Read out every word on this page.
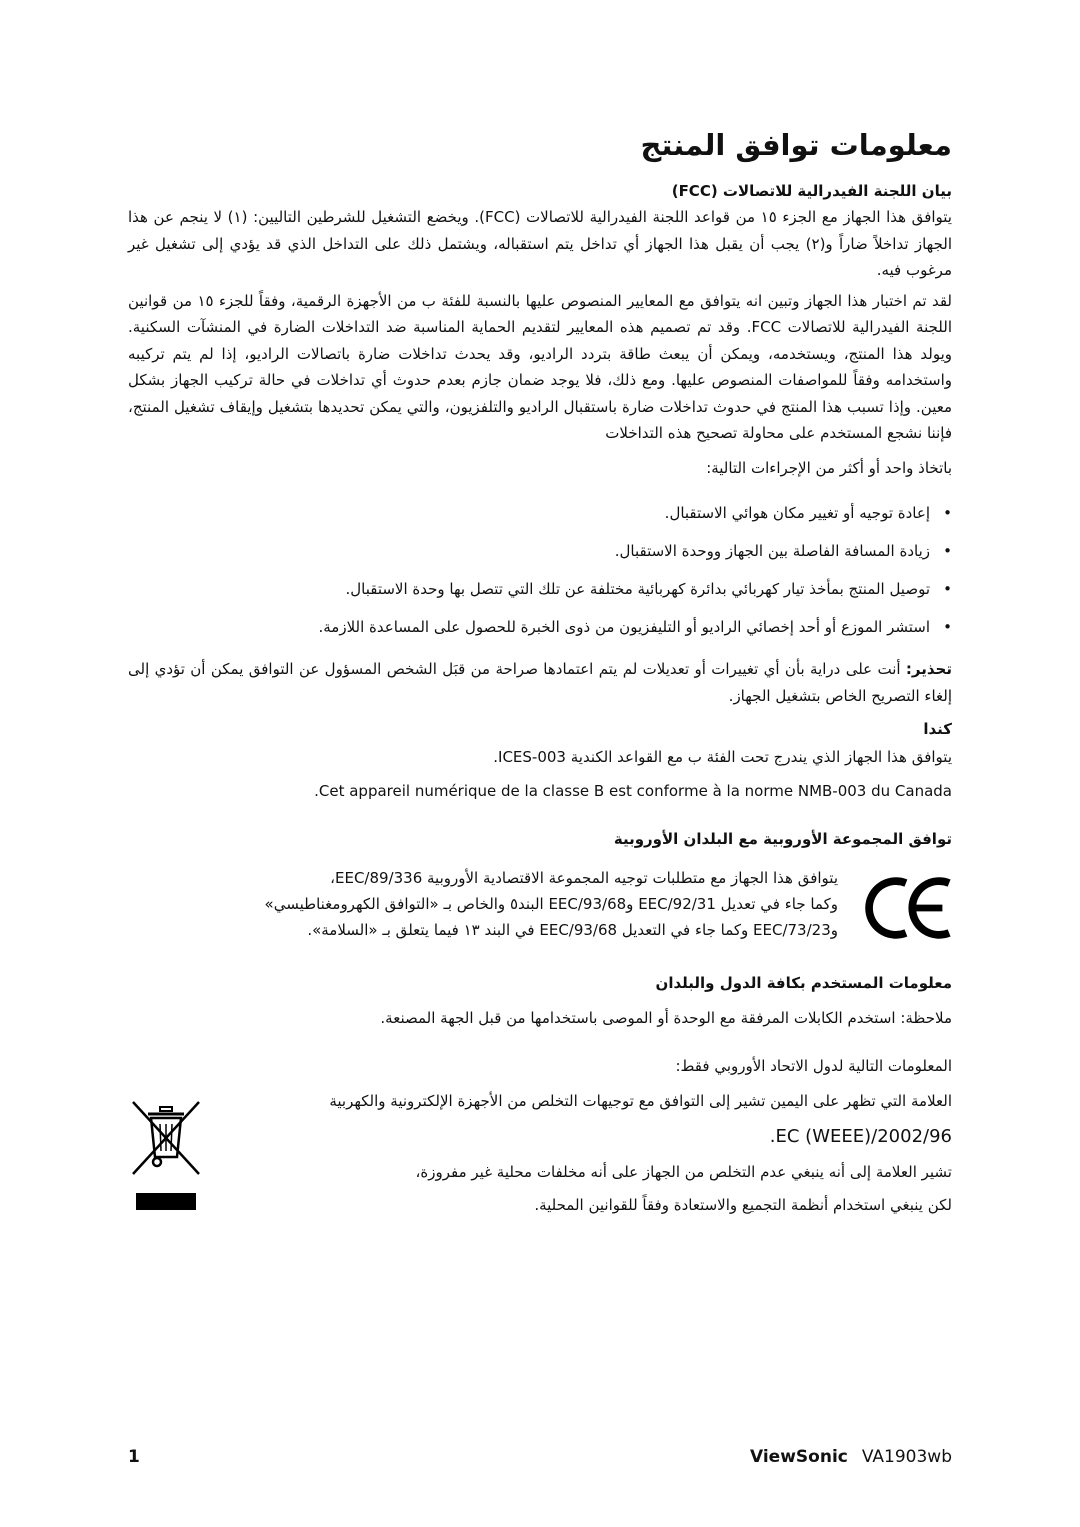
معلومات توافق المنتج
بيان اللجنة الفيدرالية للاتصالات (FCC)

يتوافق هذا الجهاز مع الجزء ١٥ من قواعد اللجنة الفيدرالية للاتصالات (FCC). ويخضع التشغيل للشرطين التاليين: (١) لا ينجم عن هذا الجهاز تداخلاً ضاراً و(٢) يجب أن يقبل هذا الجهاز أي تداخل يتم استقباله، ويشتمل ذلك على التداخل الذي قد يؤدي إلى تشغيل غير مرغوب فيه.

لقد تم اختبار هذا الجهاز وتبين انه يتوافق مع المعايير المنصوص عليها بالنسبة للفئة ب من الأجهزة الرقمية، وفقاً للجزء ١٥ من قوانين اللجنة الفيدرالية للاتصالات FCC. وقد تم تصميم هذه المعايير لتقديم الحماية المناسبة ضد التداخلات الضارة في المنشآت السكنية. ويولد هذا المنتج، ويستخدمه، ويمكن أن يبعث طاقة بتردد الراديو، وقد يحدث تداخلات ضارة باتصالات الراديو، إذا لم يتم تركيبه واستخدامه وفقاً للمواصفات المنصوص عليها. ومع ذلك، فلا يوجد ضمان جازم بعدم حدوث أي تداخلات في حالة تركيب الجهاز بشكل معين. وإذا تسبب هذا المنتج في حدوث تداخلات ضارة باستقبال الراديو والتلفزيون، والتي يمكن تحديدها بتشغيل وإيقاف تشغيل المنتج، فإننا نشجع المستخدم على محاولة تصحيح هذه التداخلات

باتخاذ واحد أو أكثر من الإجراءات التالية:

•
إعادة توجيه أو تغيير مكان هوائي الاستقبال.
•
زيادة المسافة الفاصلة بين الجهاز ووحدة الاستقبال.
•
توصيل المنتج بمأخذ تيار كهربائي بدائرة كهربائية مختلفة عن تلك التي تتصل بها وحدة الاستقبال.
•
استشر الموزع أو أحد إخصائي الراديو أو التليفزيون من ذوى الخبرة للحصول على المساعدة اللازمة.

تحذير: أنت على دراية بأن أي تغييرات أو تعديلات لم يتم اعتمادها صراحة من قبَل الشخص المسؤول عن التوافق يمكن أن تؤدي إلى إلغاء التصريح الخاص بتشغيل الجهاز.

كندا

يتوافق هذا الجهاز الذي يندرج تحت الفئة ب مع القواعد الكندية ICES-003.

Cet appareil numérique de la classe B est conforme à la norme NMB-003 du Canada.

توافق المجموعة الأوروبية مع البلدان الأوروبية

يتوافق هذا الجهاز مع متطلبات توجيه المجموعة الاقتصادية الأوروبية EEC/89/336،

وكما جاء في تعديل EEC/92/31 وEEC/93/68 البند٥ والخاص بـ «التوافق الكهرومغناطيسي»

وEEC/73/23 وكما جاء في التعديل EEC/93/68 في البند ١٣ فيما يتعلق بـ «السلامة».

معلومات المستخدم بكافة الدول والبلدان

ملاحظة: استخدم الكابلات المرفقة مع الوحدة أو الموصى باستخدامها من قبل الجهة المصنعة.

المعلومات التالية لدول الاتحاد الأوروبي فقط:

العلامة التي تظهر على اليمين تشير إلى التوافق مع توجيهات التخلص من الأجهزة الإلكترونية والكهربية

2002/96/EC (WEEE).

تشير العلامة إلى أنه ينبغي عدم التخلص من الجهاز على أنه مخلفات محلية غير مفروزة،

لكن ينبغي استخدام أنظمة التجميع والاستعادة وفقاً للقوانين المحلية.

1	ViewSonic VA1903wb
